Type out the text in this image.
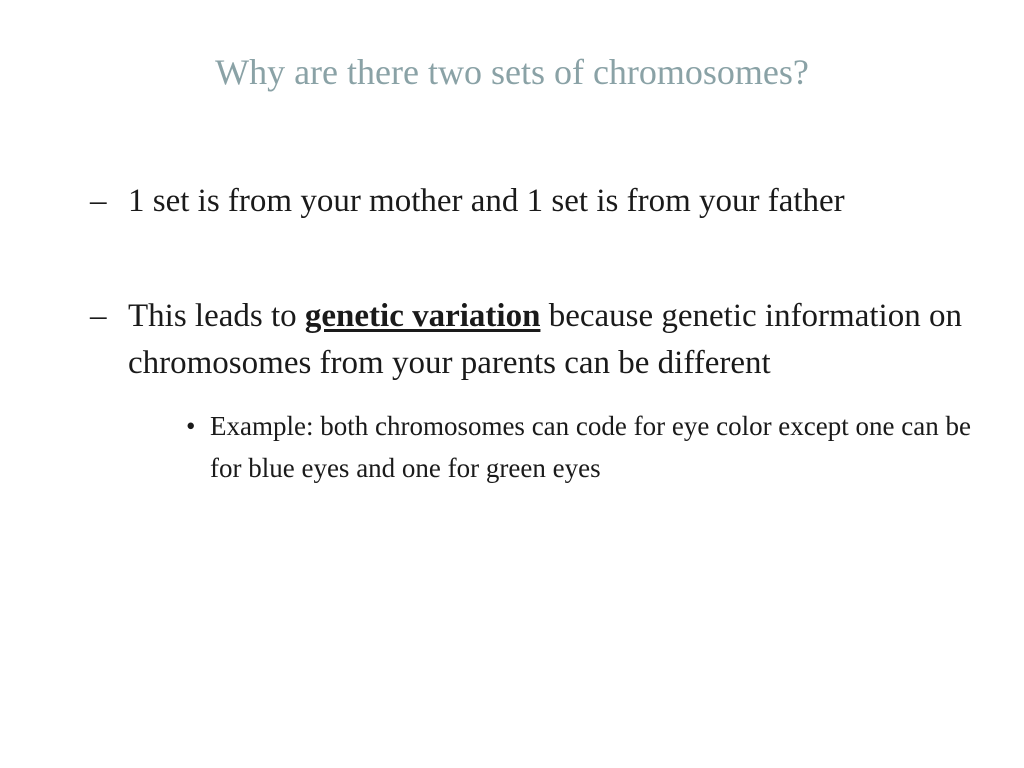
Why are there two sets of chromosomes?
– 1 set is from your mother and 1 set is from your father
– This leads to genetic variation because genetic information on chromosomes from your parents can be different
• Example: both chromosomes can code for eye color except one can be for blue eyes and one for green eyes
